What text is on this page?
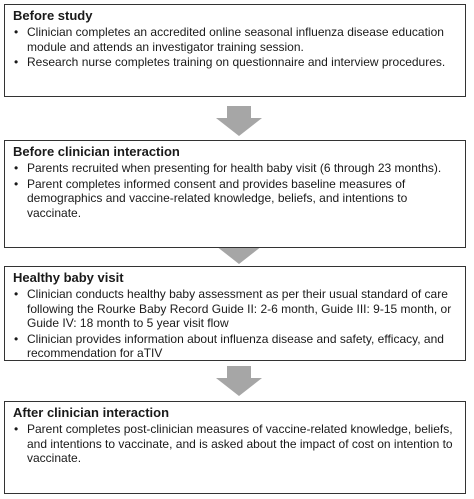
Before study
• Clinician completes an accredited online seasonal influenza disease education module and attends an investigator training session.
• Research nurse completes training on questionnaire and interview procedures.
Before clinician interaction
• Parents recruited when presenting for health baby visit (6 through 23 months).
• Parent completes informed consent and provides baseline measures of demographics and vaccine-related knowledge, beliefs, and intentions to vaccinate.
Healthy baby visit
• Clinician conducts healthy baby assessment as per their usual standard of care following the Rourke Baby Record Guide II: 2-6 month, Guide III: 9-15 month, or Guide IV: 18 month to 5 year visit flow
• Clinician provides information about influenza disease and safety, efficacy, and recommendation for aTIV
After clinician interaction
• Parent completes post-clinician measures of vaccine-related knowledge, beliefs, and intentions to vaccinate, and is asked about the impact of cost on intention to vaccinate.
